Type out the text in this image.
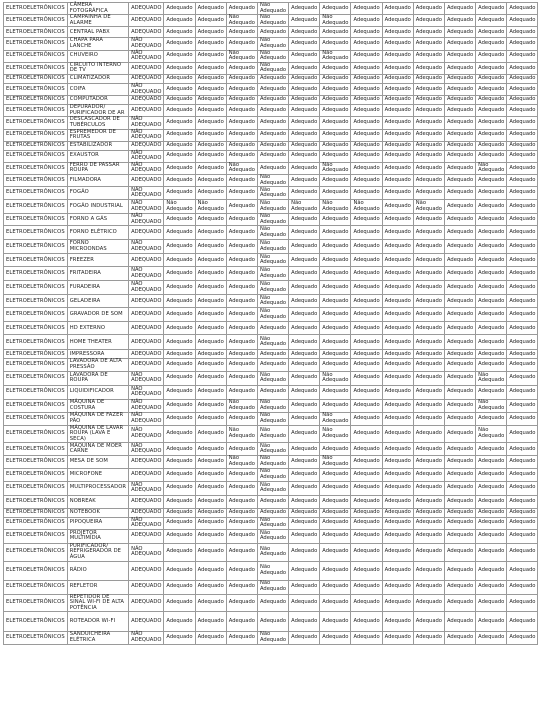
ELETROELETRÔNICOS	CÂMERA FOTOGRÁFICA	ADEQUADO	Adequado	Adequado	Adequado	Não Adequado	Adequado	Adequado	Adequado	Adequado	Adequado	Adequado	Adequado	Adequado
ELETROELETRÔNICOS	CAMPAINHA DE ALARME	ADEQUADO	Adequado	Adequado	Não Adequado	Não Adequado	Adequado	Não Adequado	Adequado	Adequado	Adequado	Adequado	Adequado	Adequado
ELETROELETRÔNICOS	CENTRAL PABX	ADEQUADO	Adequado	Adequado	Adequado	Adequado	Adequado	Adequado	Adequado	Adequado	Adequado	Adequado	Adequado	Adequado
ELETROELETRÔNICOS	CHAPA PARA LANCHE	NÃO ADEQUADO	Adequado	Adequado	Adequado	Não Adequado	Adequado	Adequado	Adequado	Adequado	Adequado	Adequado	Adequado	Adequado
ELETROELETRÔNICOS	CHUVEIRO	NÃO ADEQUADO	Adequado	Adequado	Não Adequado	Não Adequado	Adequado	Não Adequado	Adequado	Adequado	Adequado	Adequado	Adequado	Adequado
ELETROELETRÔNICOS	CIRCUITO INTERNO DE TV	ADEQUADO	Adequado	Adequado	Adequado	Não Adequado	Adequado	Adequado	Adequado	Adequado	Adequado	Adequado	Adequado	Adequado
ELETROELETRÔNICOS	CLIMATIZADOR	ADEQUADO	Adequado	Adequado	Adequado	Adequado	Adequado	Adequado	Adequado	Adequado	Adequado	Adequado	Adequado	Adequado
ELETROELETRÔNICOS	COIFA	NÃO ADEQUADO	Adequado	Adequado	Adequado	Adequado	Adequado	Adequado	Adequado	Adequado	Adequado	Adequado	Adequado	Adequado
ELETROELETRÔNICOS	COMPUTADOR	ADEQUADO	Adequado	Adequado	Adequado	Adequado	Adequado	Adequado	Adequado	Adequado	Adequado	Adequado	Adequado	Adequado
ELETROELETRÔNICOS	DEPURADOR/ PURIFICADOR DE AR	ADEQUADO	Adequado	Adequado	Adequado	Adequado	Adequado	Adequado	Adequado	Adequado	Adequado	Adequado	Adequado	Adequado
ELETROELETRÔNICOS	DESCASCADOR DE TUBÉRCULOS	NÃO ADEQUADO	Adequado	Adequado	Adequado	Adequado	Adequado	Adequado	Adequado	Adequado	Adequado	Adequado	Adequado	Adequado
ELETROELETRÔNICOS	ESPREMEDOR DE FRUTAS	NÃO ADEQUADO	Adequado	Adequado	Adequado	Adequado	Adequado	Adequado	Adequado	Adequado	Adequado	Adequado	Adequado	Adequado
ELETROELETRÔNICOS	ESTABILIZADOR	ADEQUADO	Adequado	Adequado	Adequado	Adequado	Adequado	Adequado	Adequado	Adequado	Adequado	Adequado	Adequado	Adequado
ELETROELETRÔNICOS	EXAUSTOR	NÃO ADEQUADO	Adequado	Adequado	Adequado	Adequado	Adequado	Adequado	Adequado	Adequado	Adequado	Adequado	Adequado	Adequado
ELETROELETRÔNICOS	FERRO DE PASSAR ROUPA	NÃO ADEQUADO	Adequado	Adequado	Não Adequado	Adequado	Adequado	Não Adequado	Adequado	Adequado	Adequado	Adequado	Não Adequado	Adequado
ELETROELETRÔNICOS	FILMADORA	ADEQUADO	Adequado	Adequado	Adequado	Não Adequado	Adequado	Adequado	Adequado	Adequado	Adequado	Adequado	Adequado	Adequado
ELETROELETRÔNICOS	FOGÃO	NÃO ADEQUADO	Adequado	Adequado	Adequado	Não Adequado	Adequado	Adequado	Adequado	Adequado	Adequado	Adequado	Adequado	Adequado
ELETROELETRÔNICOS	FOGÃO INDUSTRIAL	NÃO ADEQUADO	Não Adequado	Não Adequado	Adequado	Não Adequado	Não Adequado	Não Adequado	Não Adequado	Adequado	Não Adequado	Adequado	Adequado	Adequado
ELETROELETRÔNICOS	FORNO A GÁS	NÃO ADEQUADO	Adequado	Adequado	Adequado	Não Adequado	Adequado	Adequado	Adequado	Adequado	Adequado	Adequado	Adequado	Adequado
ELETROELETRÔNICOS	FORNO ELÉTRICO	ADEQUADO	Adequado	Adequado	Adequado	Não Adequado	Adequado	Adequado	Adequado	Adequado	Adequado	Adequado	Adequado	Adequado
ELETROELETRÔNICOS	FORNO MICROONDAS	NÃO ADEQUADO	Adequado	Adequado	Adequado	Não Adequado	Adequado	Adequado	Adequado	Adequado	Adequado	Adequado	Adequado	Adequado
ELETROELETRÔNICOS	FREEZER	ADEQUADO	Adequado	Adequado	Adequado	Não Adequado	Adequado	Adequado	Adequado	Adequado	Adequado	Adequado	Adequado	Adequado
ELETROELETRÔNICOS	FRITADEIRA	NÃO ADEQUADO	Adequado	Adequado	Adequado	Não Adequado	Adequado	Adequado	Adequado	Adequado	Adequado	Adequado	Adequado	Adequado
ELETROELETRÔNICOS	FURADEIRA	NÃO ADEQUADO	Adequado	Adequado	Adequado	Não Adequado	Adequado	Adequado	Adequado	Adequado	Adequado	Adequado	Adequado	Adequado
ELETROELETRÔNICOS	GELADEIRA	ADEQUADO	Adequado	Adequado	Adequado	Não Adequado	Adequado	Adequado	Adequado	Adequado	Adequado	Adequado	Adequado	Adequado
ELETROELETRÔNICOS	GRAVADOR DE SOM	ADEQUADO	Adequado	Adequado	Adequado	Não Adequado	Adequado	Adequado	Adequado	Adequado	Adequado	Adequado	Adequado	Adequado
ELETROELETRÔNICOS	HD EXTERNO	ADEQUADO	Adequado	Adequado	Adequado	Adequado	Adequado	Adequado	Adequado	Adequado	Adequado	Adequado	Adequado	Adequado
ELETROELETRÔNICOS	HOME THEATER	ADEQUADO	Adequado	Adequado	Adequado	Não Adequado	Adequado	Adequado	Adequado	Adequado	Adequado	Adequado	Adequado	Adequado
ELETROELETRÔNICOS	IMPRESSORA	ADEQUADO	Adequado	Adequado	Adequado	Adequado	Adequado	Adequado	Adequado	Adequado	Adequado	Adequado	Adequado	Adequado
ELETROELETRÔNICOS	LAVADORA DE ALTA PRESSÃO	ADEQUADO	Adequado	Adequado	Adequado	Adequado	Adequado	Adequado	Adequado	Adequado	Adequado	Adequado	Adequado	Adequado
ELETROELETRÔNICOS	LAVADORA DE ROUPA	NÃO ADEQUADO	Adequado	Adequado	Adequado	Não Adequado	Adequado	Não Adequado	Adequado	Adequado	Adequado	Adequado	Não Adequado	Adequado
ELETROELETRÔNICOS	LIQUIDIFICADOR	NÃO ADEQUADO	Adequado	Adequado	Adequado	Adequado	Adequado	Adequado	Adequado	Adequado	Adequado	Adequado	Adequado	Adequado
ELETROELETRÔNICOS	MÁQUINA DE COSTURA	NÃO ADEQUADO	Adequado	Adequado	Não Adequado	Não Adequado	Adequado	Adequado	Adequado	Adequado	Adequado	Adequado	Não Adequado	Adequado
ELETROELETRÔNICOS	MÁQUINA DE FAZER PÃO	NÃO ADEQUADO	Adequado	Adequado	Adequado	Não Adequado	Adequado	Não Adequado	Adequado	Adequado	Adequado	Adequado	Adequado	Adequado
ELETROELETRÔNICOS	MÁQUINA DE LAVAR ROUPA (LAVA E SECA)	NÃO ADEQUADO	Adequado	Adequado	Não Adequado	Não Adequado	Adequado	Não Adequado	Adequado	Adequado	Adequado	Adequado	Não Adequado	Adequado
ELETROELETRÔNICOS	MÁQUINA DE MOER CARNE	NÃO ADEQUADO	Adequado	Adequado	Adequado	Não Adequado	Adequado	Adequado	Adequado	Adequado	Adequado	Adequado	Adequado	Adequado
ELETROELETRÔNICOS	MESA DE SOM	ADEQUADO	Adequado	Adequado	Não Adequado	Não Adequado	Adequado	Não Adequado	Adequado	Adequado	Adequado	Adequado	Adequado	Adequado
ELETROELETRÔNICOS	MICROFONE	ADEQUADO	Adequado	Adequado	Adequado	Não Adequado	Adequado	Adequado	Adequado	Adequado	Adequado	Adequado	Adequado	Adequado
ELETROELETRÔNICOS	MULTIPROCESSADOR	NÃO ADEQUADO	Adequado	Adequado	Adequado	Não Adequado	Adequado	Adequado	Adequado	Adequado	Adequado	Adequado	Adequado	Adequado
ELETROELETRÔNICOS	NOBREAK	ADEQUADO	Adequado	Adequado	Adequado	Adequado	Adequado	Adequado	Adequado	Adequado	Adequado	Adequado	Adequado	Adequado
ELETROELETRÔNICOS	NOTEBOOK	ADEQUADO	Adequado	Adequado	Adequado	Adequado	Adequado	Adequado	Adequado	Adequado	Adequado	Adequado	Adequado	Adequado
ELETROELETRÔNICOS	PIPOQUEIRA	NÃO ADEQUADO	Adequado	Adequado	Adequado	Não Adequado	Adequado	Adequado	Adequado	Adequado	Adequado	Adequado	Adequado	Adequado
ELETROELETRÔNICOS	PROJETOR MULTIMÍDIA	ADEQUADO	Adequado	Adequado	Adequado	Não Adequado	Adequado	Adequado	Adequado	Adequado	Adequado	Adequado	Adequado	Adequado
ELETROELETRÔNICOS	PURIFICADOR/ REFRIGERADOR DE ÁGUA	NÃO ADEQUADO	Adequado	Adequado	Adequado	Não Adequado	Adequado	Adequado	Adequado	Adequado	Adequado	Adequado	Adequado	Adequado
ELETROELETRÔNICOS	RÁDIO	ADEQUADO	Adequado	Adequado	Adequado	Não Adequado	Adequado	Adequado	Adequado	Adequado	Adequado	Adequado	Adequado	Adequado
ELETROELETRÔNICOS	REFLETOR	ADEQUADO	Adequado	Adequado	Adequado	Não Adequado	Adequado	Adequado	Adequado	Adequado	Adequado	Adequado	Adequado	Adequado
ELETROELETRÔNICOS	REPETIDOR DE SINAL WI-FI DE ALTA POTÊNCIA	ADEQUADO	Adequado	Adequado	Adequado	Adequado	Adequado	Adequado	Adequado	Adequado	Adequado	Adequado	Adequado	Adequado
ELETROELETRÔNICOS	ROTEADOR WI-FI	ADEQUADO	Adequado	Adequado	Adequado	Adequado	Adequado	Adequado	Adequado	Adequado	Adequado	Adequado	Adequado	Adequado
ELETROELETRÔNICOS	SANDUICHEIRA ELÉTRICA	NÃO ADEQUADO	Adequado	Adequado	Adequado	Não Adequado	Adequado	Adequado	Adequado	Adequado	Adequado	Adequado	Adequado	Adequado
